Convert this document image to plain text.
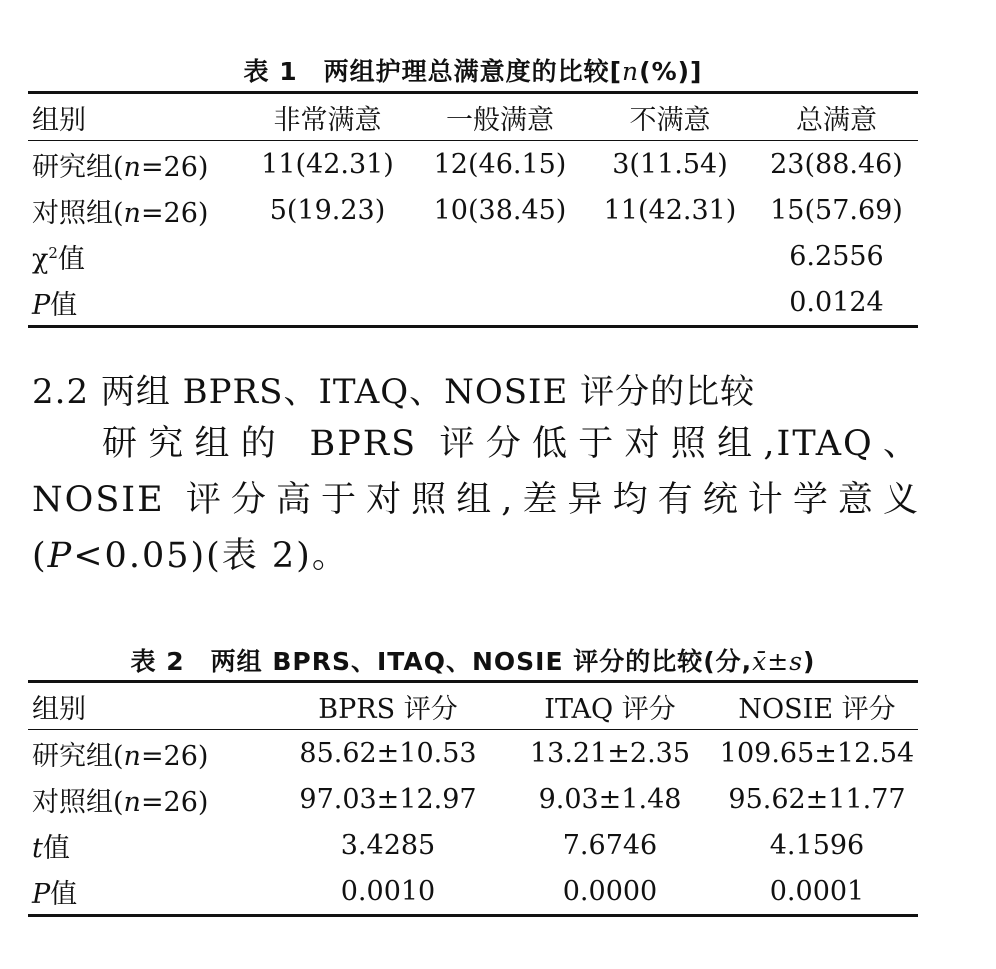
表 1　两组护理总满意度的比较[n(%)]
组别	非常满意	一般满意	不满意	总满意
研究组(n=26)	11(42.31)	12(46.15)	3(11.54)	23(88.46)
对照组(n=26)	5(19.23)	10(38.45)	11(42.31)	15(57.69)
$\chi^2$值				6.2556
P值				0.0124
2.2 两组 BPRS、ITAQ、NOSIE 评分的比较
研究组的 BPRS 评分低于对照组,ITAQ、NOSIE 评分高于对照组,差异均有统计学意义(P<0.05)(表 2)。
表 2　两组 BPRS、ITAQ、NOSIE 评分的比较(分,x̄±s)
组别	BPRS 评分	ITAQ 评分	NOSIE 评分
研究组(n=26)	85.62±10.53	13.21±2.35	109.65±12.54
对照组(n=26)	97.03±12.97	9.03±1.48	95.62±11.77
t值	3.4285	7.6746	4.1596
P值	0.0010	0.0000	0.0001
